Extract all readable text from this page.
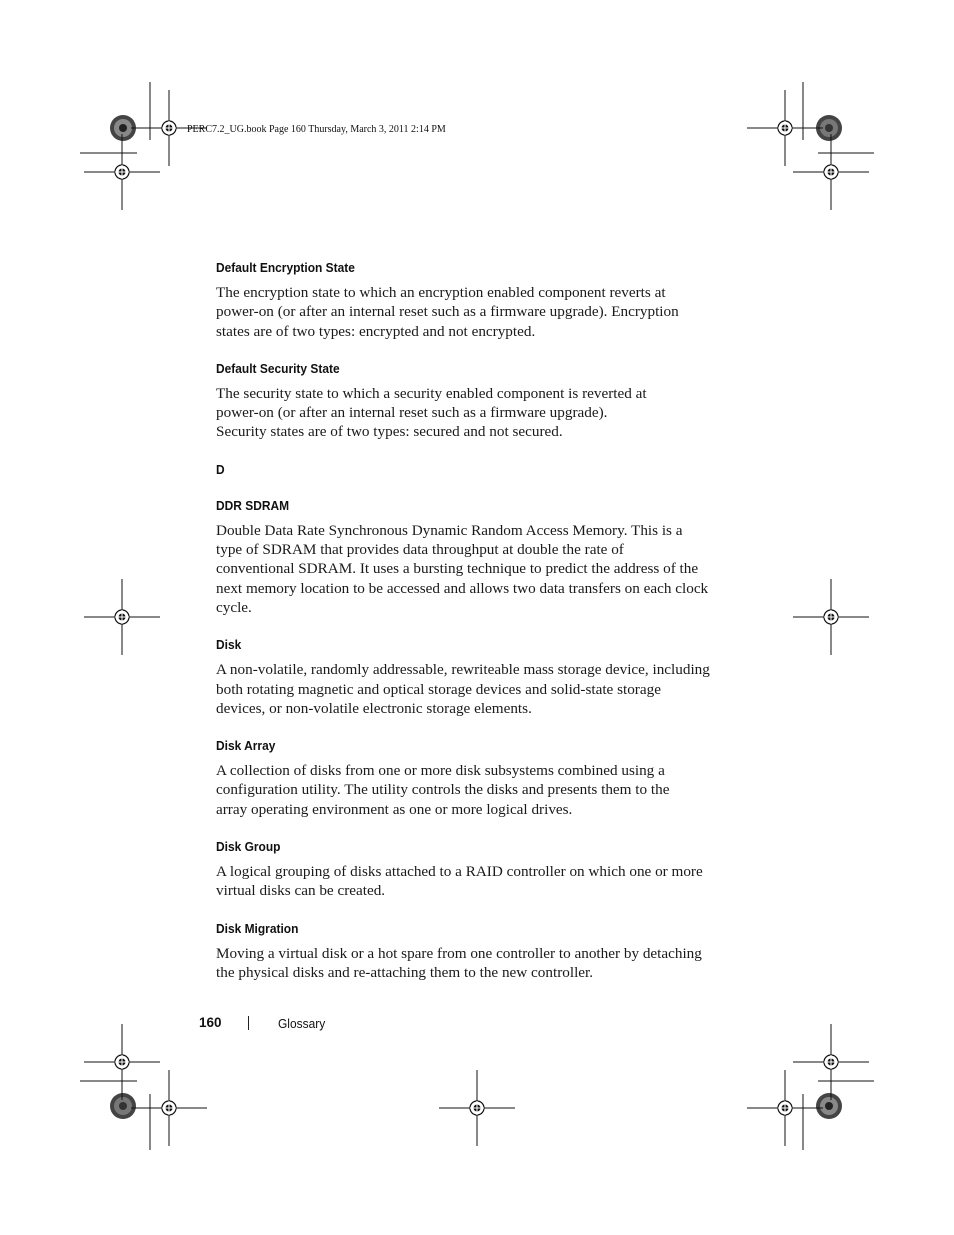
PERC7.2_UG.book Page 160 Thursday, March 3, 2011 2:14 PM

Default Encryption State

The encryption state to which an encryption enabled component reverts at
power-on (or after an internal reset such as a firmware upgrade). Encryption
states are of two types: encrypted and not encrypted.

Default Security State

The security state to which a security enabled component is reverted at
power-on (or after an internal reset such as a firmware upgrade).
Security states are of two types: secured and not secured.

D

DDR SDRAM

Double Data Rate Synchronous Dynamic Random Access Memory. This is a
type of SDRAM that provides data throughput at double the rate of
conventional SDRAM. It uses a bursting technique to predict the address of the
next memory location to be accessed and allows two data transfers on each clock
cycle.

Disk

A non-volatile, randomly addressable, rewriteable mass storage device, including
both rotating magnetic and optical storage devices and solid-state storage
devices, or non-volatile electronic storage elements.

Disk Array

A collection of disks from one or more disk subsystems combined using a
configuration utility. The utility controls the disks and presents them to the
array operating environment as one or more logical drives.

Disk Group

A logical grouping of disks attached to a RAID controller on which one or more
virtual disks can be created.

Disk Migration

Moving a virtual disk or a hot spare from one controller to another by detaching
the physical disks and re-attaching them to the new controller.

160	Glossary
